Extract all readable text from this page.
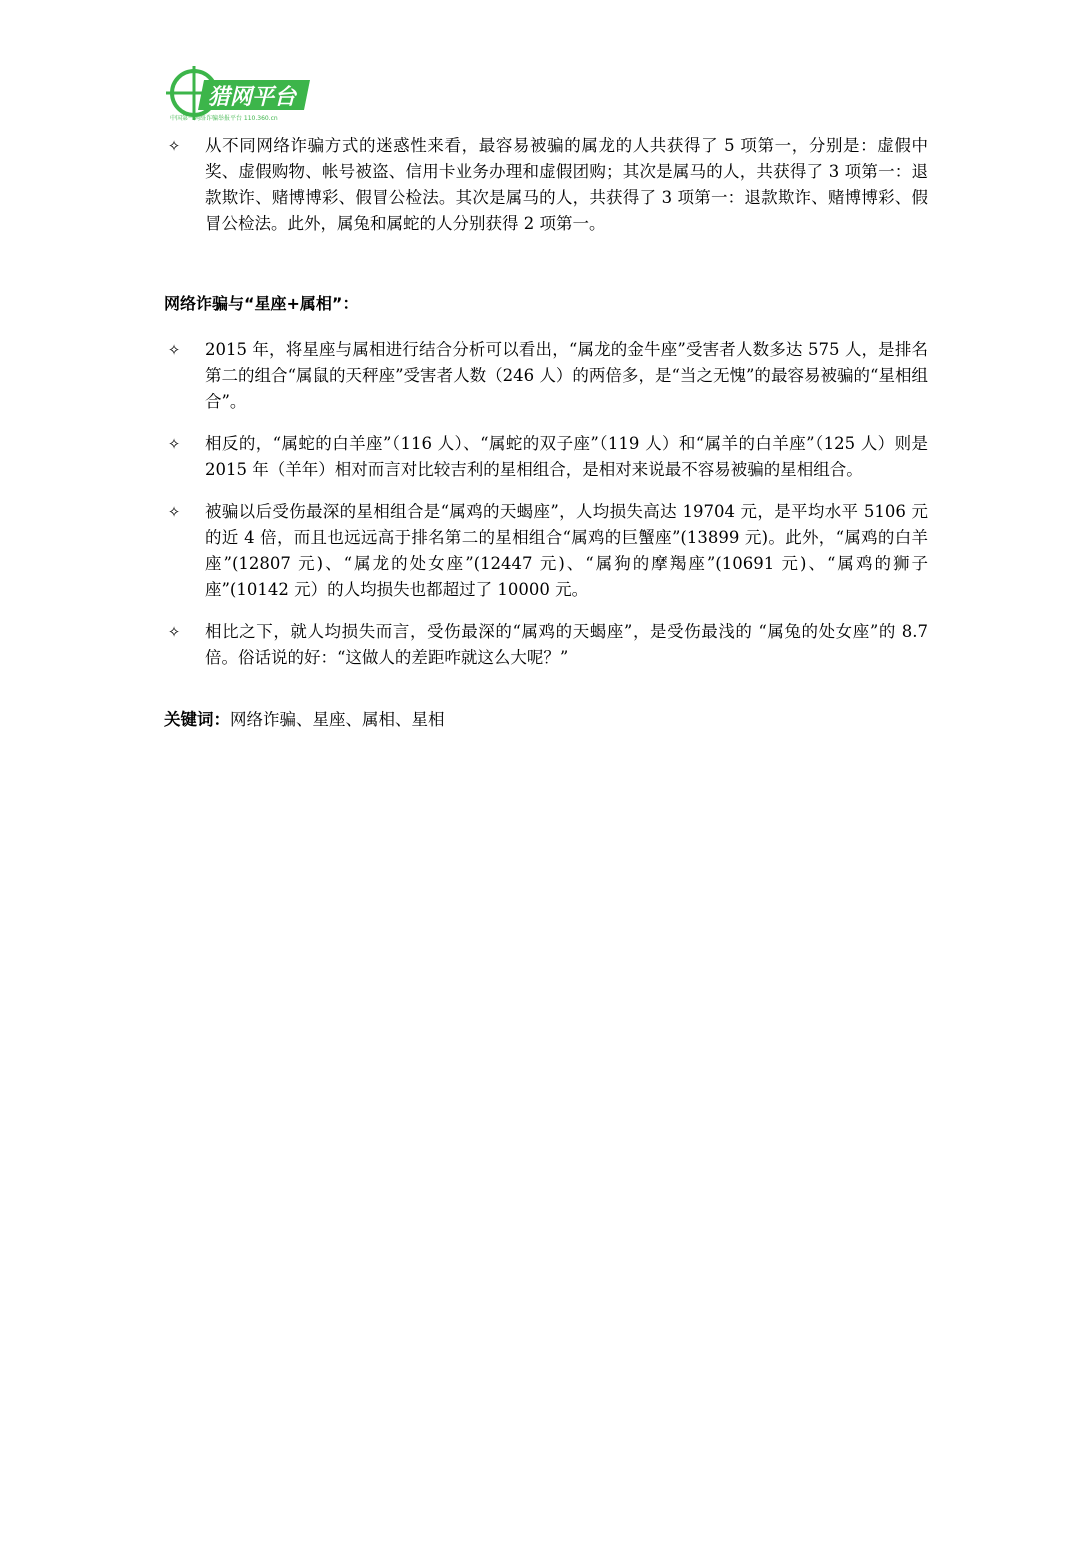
猎网平台
中国第一网络诈骗举报平台 110.360.cn
✧ 从不同网络诈骗方式的迷惑性来看，最容易被骗的属龙的人共获得了 5 项第一，分别是：虚假中奖、虚假购物、帐号被盗、信用卡业务办理和虚假团购；其次是属马的人，共获得了 3 项第一：退款欺诈、赌博博彩、假冒公检法。其次是属马的人，共获得了 3 项第一：退款欺诈、赌博博彩、假冒公检法。此外，属兔和属蛇的人分别获得 2 项第一。
网络诈骗与“星座+属相”：
✧ 2015 年，将星座与属相进行结合分析可以看出，“属龙的金牛座”受害者人数多达 575 人，是排名第二的组合“属鼠的天秤座”受害者人数（246 人）的两倍多，是“当之无愧”的最容易被骗的“星相组合”。
✧ 相反的，“属蛇的白羊座”（116 人）、“属蛇的双子座”（119 人）和“属羊的白羊座”（125 人）则是 2015 年（羊年）相对而言对比较吉利的星相组合，是相对来说最不容易被骗的星相组合。
✧ 被骗以后受伤最深的星相组合是“属鸡的天蝎座”，人均损失高达 19704 元，是平均水平 5106 元的近 4 倍，而且也远远高于排名第二的星相组合“属鸡的巨蟹座”(13899 元)。此外，“属鸡的白羊座”(12807 元)、“属龙的处女座”(12447 元)、“属狗的摩羯座”(10691 元)、“属鸡的狮子座”(10142 元）的人均损失也都超过了 10000 元。
✧ 相比之下，就人均损失而言，受伤最深的“属鸡的天蝎座”，是受伤最浅的 “属兔的处女座”的 8.7 倍。俗话说的好：“这做人的差距咋就这么大呢？”
关键词：网络诈骗、星座、属相、星相
